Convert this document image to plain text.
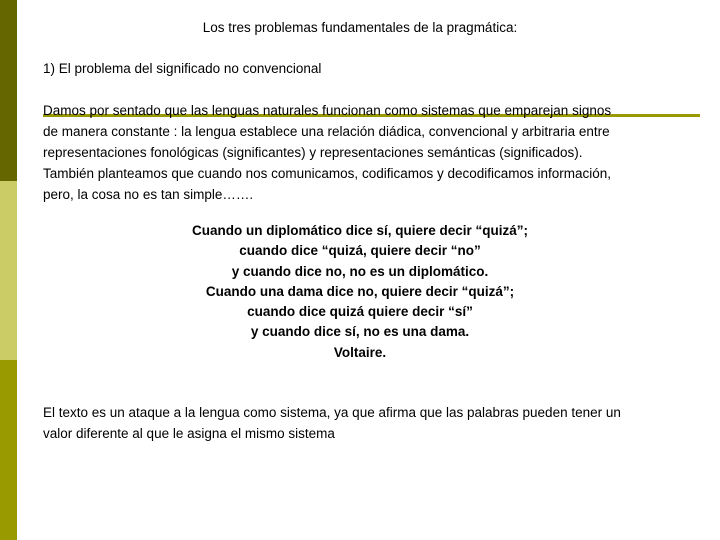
Los tres problemas fundamentales de la pragmática:
1) El problema del significado no convencional
Damos por sentado que las lenguas naturales funcionan como sistemas que emparejan signos
de manera constante : la lengua establece una relación diádica, convencional y arbitraria entre
representaciones fonológicas (significantes) y representaciones semánticas (significados).
También planteamos que cuando nos comunicamos, codificamos y decodificamos información,
pero, la cosa no es tan simple…….
Cuando un diplomático dice sí, quiere decir “quizá”;
cuando dice “quizá, quiere decir “no”
y cuando dice no, no es un diplomático.
Cuando una dama dice no, quiere decir “quizá”;
cuando dice quizá quiere decir “sí”
y cuando dice sí, no es una dama.
Voltaire.
El texto es un ataque a la lengua como sistema, ya que afirma que las palabras pueden tener un
valor diferente al que le asigna el mismo sistema
